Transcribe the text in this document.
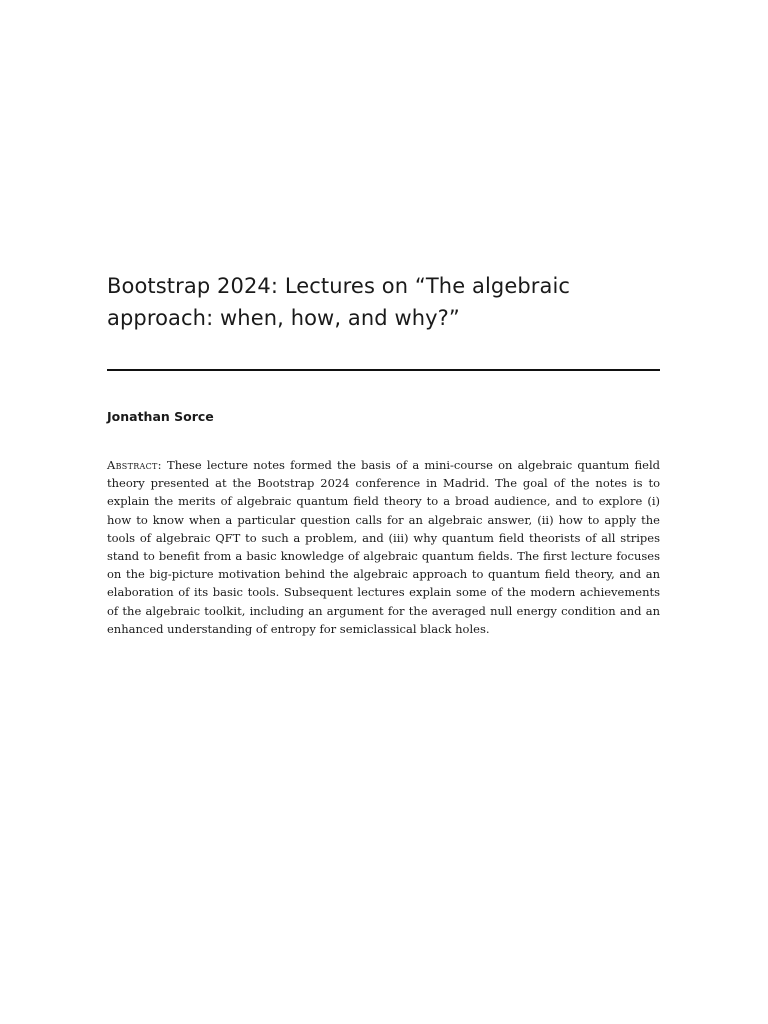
Bootstrap 2024: Lectures on “The algebraic approach: when, how, and why?”

Jonathan Sorce

Abstract: These lecture notes formed the basis of a mini-course on algebraic quantum field theory presented at the Bootstrap 2024 conference in Madrid. The goal of the notes is to explain the merits of algebraic quantum field theory to a broad audience, and to explore (i) how to know when a particular question calls for an algebraic answer, (ii) how to apply the tools of algebraic QFT to such a problem, and (iii) why quantum field theorists of all stripes stand to benefit from a basic knowledge of algebraic quantum fields. The first lecture focuses on the big-picture motivation behind the algebraic approach to quantum field theory, and an elaboration of its basic tools. Subsequent lectures explain some of the modern achievements of the algebraic toolkit, including an argument for the averaged null energy condition and an enhanced understanding of entropy for semiclassical black holes.
